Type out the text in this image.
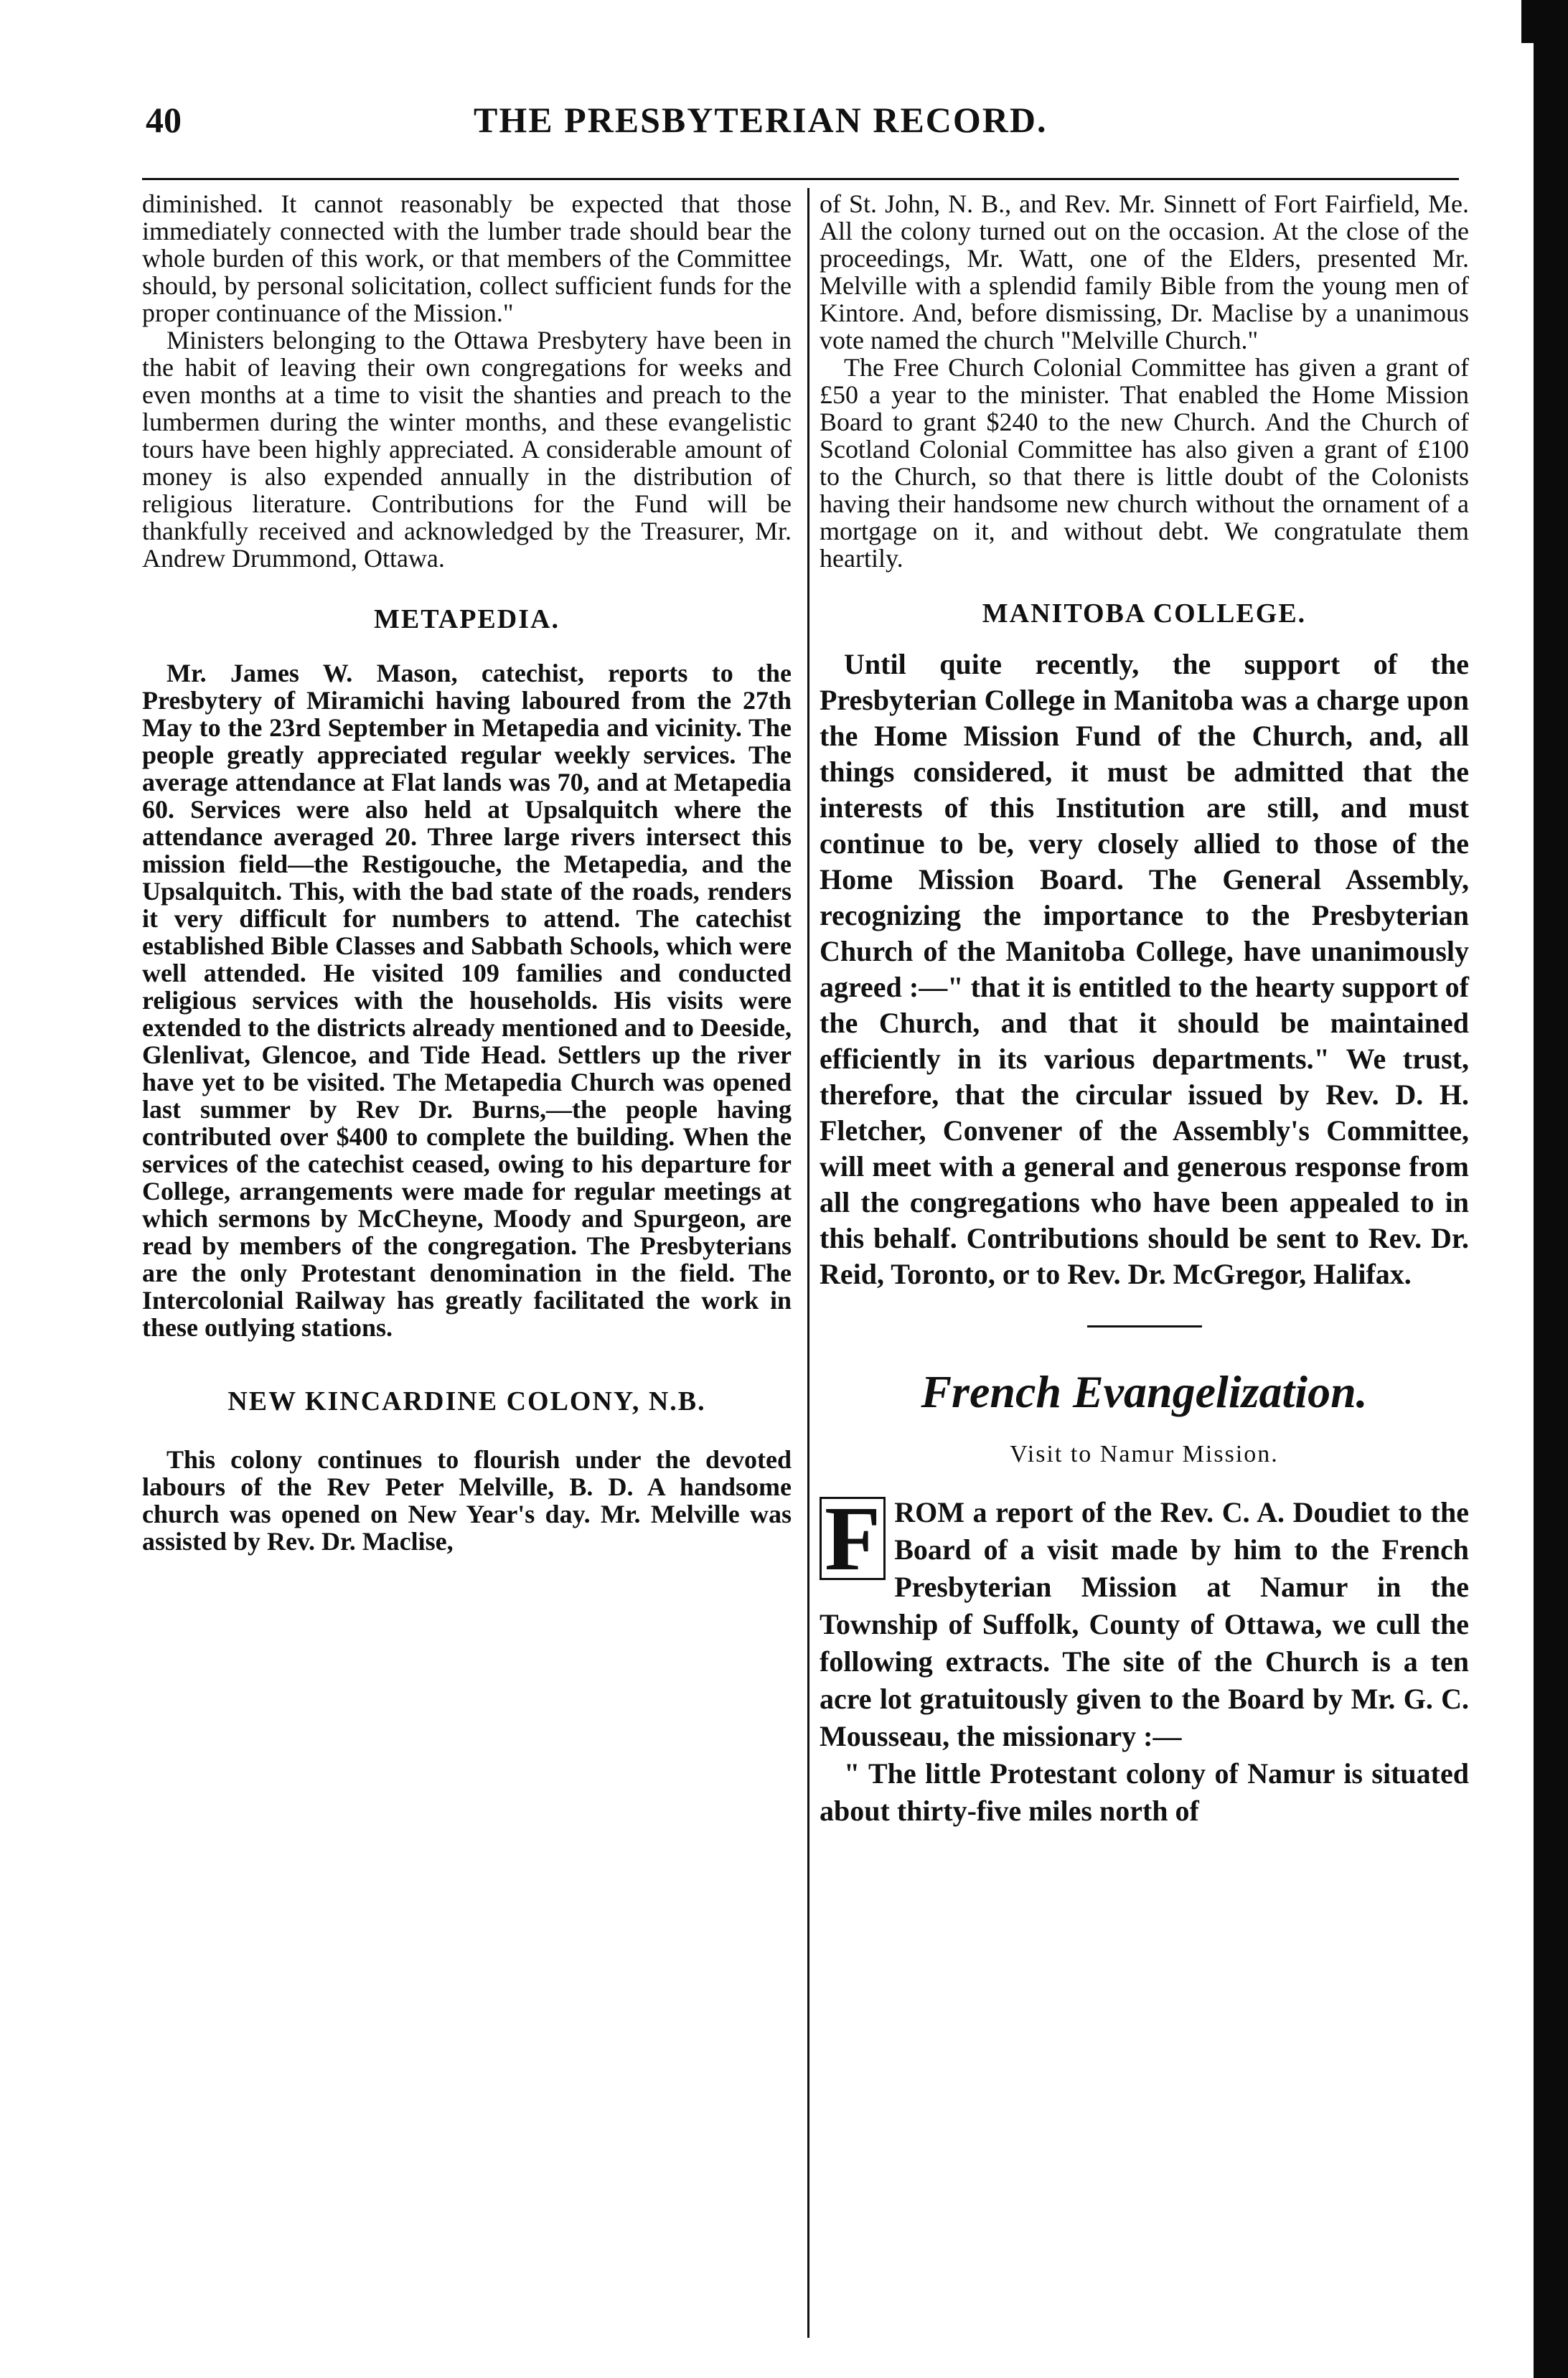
40	THE PRESBYTERIAN RECORD.

diminished. It cannot reasonably be expected that those immediately connected with the lumber trade should bear the whole burden of this work, or that members of the Committee should, by personal solicitation, collect sufficient funds for the proper continuance of the Mission."

Ministers belonging to the Ottawa Presbytery have been in the habit of leaving their own congregations for weeks and even months at a time to visit the shanties and preach to the lumbermen during the winter months, and these evangelistic tours have been highly appreciated. A considerable amount of money is also expended annually in the distribution of religious literature. Contributions for the Fund will be thankfully received and acknowledged by the Treasurer, Mr. Andrew Drummond, Ottawa.

METAPEDIA.

Mr. James W. Mason, catechist, reports to the Presbytery of Miramichi having laboured from the 27th May to the 23rd September in Metapedia and vicinity. The people greatly appreciated regular weekly services. The average attendance at Flat lands was 70, and at Metapedia 60. Services were also held at Upsalquitch where the attendance averaged 20. Three large rivers intersect this mission field—the Restigouche, the Metapedia, and the Upsalquitch. This, with the bad state of the roads, renders it very difficult for numbers to attend. The catechist established Bible Classes and Sabbath Schools, which were well attended. He visited 109 families and conducted religious services with the households. His visits were extended to the districts already mentioned and to Deeside, Glenlivat, Glencoe, and Tide Head. Settlers up the river have yet to be visited. The Metapedia Church was opened last summer by Rev Dr. Burns,—the people having contributed over $400 to complete the building. When the services of the catechist ceased, owing to his departure for College, arrangements were made for regular meetings at which sermons by McCheyne, Moody and Spurgeon, are read by members of the congregation. The Presbyterians are the only Protestant denomination in the field. The Intercolonial Railway has greatly facilitated the work in these outlying stations.

NEW KINCARDINE COLONY, N.B.

This colony continues to flourish under the devoted labours of the Rev Peter Melville, B. D. A handsome church was opened on New Year's day. Mr. Melville was assisted by Rev. Dr. Maclise,

of St. John, N. B., and Rev. Mr. Sinnett of Fort Fairfield, Me. All the colony turned out on the occasion. At the close of the proceedings, Mr. Watt, one of the Elders, presented Mr. Melville with a splendid family Bible from the young men of Kintore. And, before dismissing, Dr. Maclise by a unanimous vote named the church "Melville Church."

The Free Church Colonial Committee has given a grant of £50 a year to the minister. That enabled the Home Mission Board to grant $240 to the new Church. And the Church of Scotland Colonial Committee has also given a grant of £100 to the Church, so that there is little doubt of the Colonists having their handsome new church without the ornament of a mortgage on it, and without debt. We congratulate them heartily.

MANITOBA COLLEGE.

Until quite recently, the support of the Presbyterian College in Manitoba was a charge upon the Home Mission Fund of the Church, and, all things considered, it must be admitted that the interests of this Institution are still, and must continue to be, very closely allied to those of the Home Mission Board. The General Assembly, recognizing the importance to the Presbyterian Church of the Manitoba College, have unanimously agreed :—" that it is entitled to the hearty support of the Church, and that it should be maintained efficiently in its various departments." We trust, therefore, that the circular issued by Rev. D. H. Fletcher, Convener of the Assembly's Committee, will meet with a general and generous response from all the congregations who have been appealed to in this behalf. Contributions should be sent to Rev. Dr. Reid, Toronto, or to Rev. Dr. McGregor, Halifax.

French Evangelization.
Visit to Namur Mission.

F ROM a report of the Rev. C. A. Doudiet to the Board of a visit made by him to the French Presbyterian Mission at Namur in the Township of Suffolk, County of Ottawa, we cull the following extracts. The site of the Church is a ten acre lot gratuitously given to the Board by Mr. G. C. Mousseau, the missionary :—

" The little Protestant colony of Namur is situated about thirty-five miles north of
